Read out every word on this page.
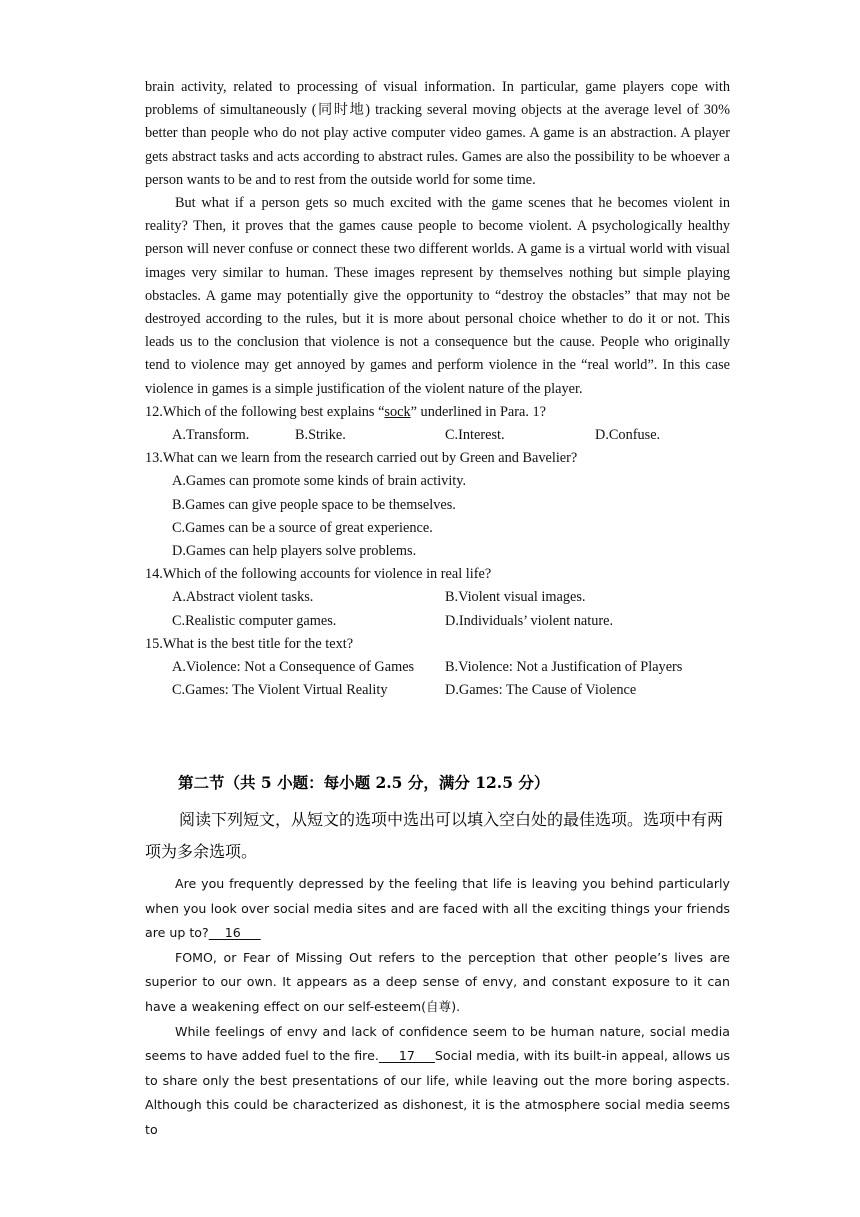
brain activity, related to processing of visual information. In particular, game players cope with problems of simultaneously (同时地) tracking several moving objects at the average level of 30% better than people who do not play active computer video games. A game is an abstraction. A player gets abstract tasks and acts according to abstract rules. Games are also the possibility to be whoever a person wants to be and to rest from the outside world for some time.

But what if a person gets so much excited with the game scenes that he becomes violent in reality? Then, it proves that the games cause people to become violent. A psychologically healthy person will never confuse or connect these two different worlds. A game is a virtual world with visual images very similar to human. These images represent by themselves nothing but simple playing obstacles. A game may potentially give the opportunity to “destroy the obstacles” that may not be destroyed according to the rules, but it is more about personal choice whether to do it or not. This leads us to the conclusion that violence is not a consequence but the cause. People who originally tend to violence may get annoyed by games and perform violence in the “real world”. In this case violence in games is a simple justification of the violent nature of the player.

12.Which of the following best explains “sock” underlined in Para. 1?

A.Transform.	B.Strike.	C.Interest.	D.Confuse.

13.What can we learn from the research carried out by Green and Bavelier?

A.Games can promote some kinds of brain activity.

B.Games can give people space to be themselves.

C.Games can be a source of great experience.

D.Games can help players solve problems.

14.Which of the following accounts for violence in real life?

A.Abstract violent tasks.	B.Violent visual images.
C.Realistic computer games.	D.Individuals’ violent nature.

15.What is the best title for the text?

A.Violence: Not a Consequence of Games	B.Violence: Not a Justification of Players
C.Games: The Violent Virtual Reality	D.Games: The Cause of Violence

第二节（共 5 小题：每小题 2.5 分，满分 12.5 分）

阅读下列短文，从短文的选项中选出可以填入空白处的最佳选项。选项中有两项为多余选项。

Are you frequently depressed by the feeling that life is leaving you behind particularly when you look over social media sites and are faced with all the exciting things your friends are up to?    16

FOMO, or Fear of Missing Out refers to the perception that other people’s lives are superior to our own. It appears as a deep sense of envy, and constant exposure to it can have a weakening effect on our self-esteem(自尊).

While feelings of envy and lack of confidence seem to be human nature, social media seems to have added fuel to the fire.     17     Social media, with its built-in appeal, allows us to share only the best presentations of our life, while leaving out the more boring aspects. Although this could be characterized as dishonest, it is the atmosphere social media seems to
